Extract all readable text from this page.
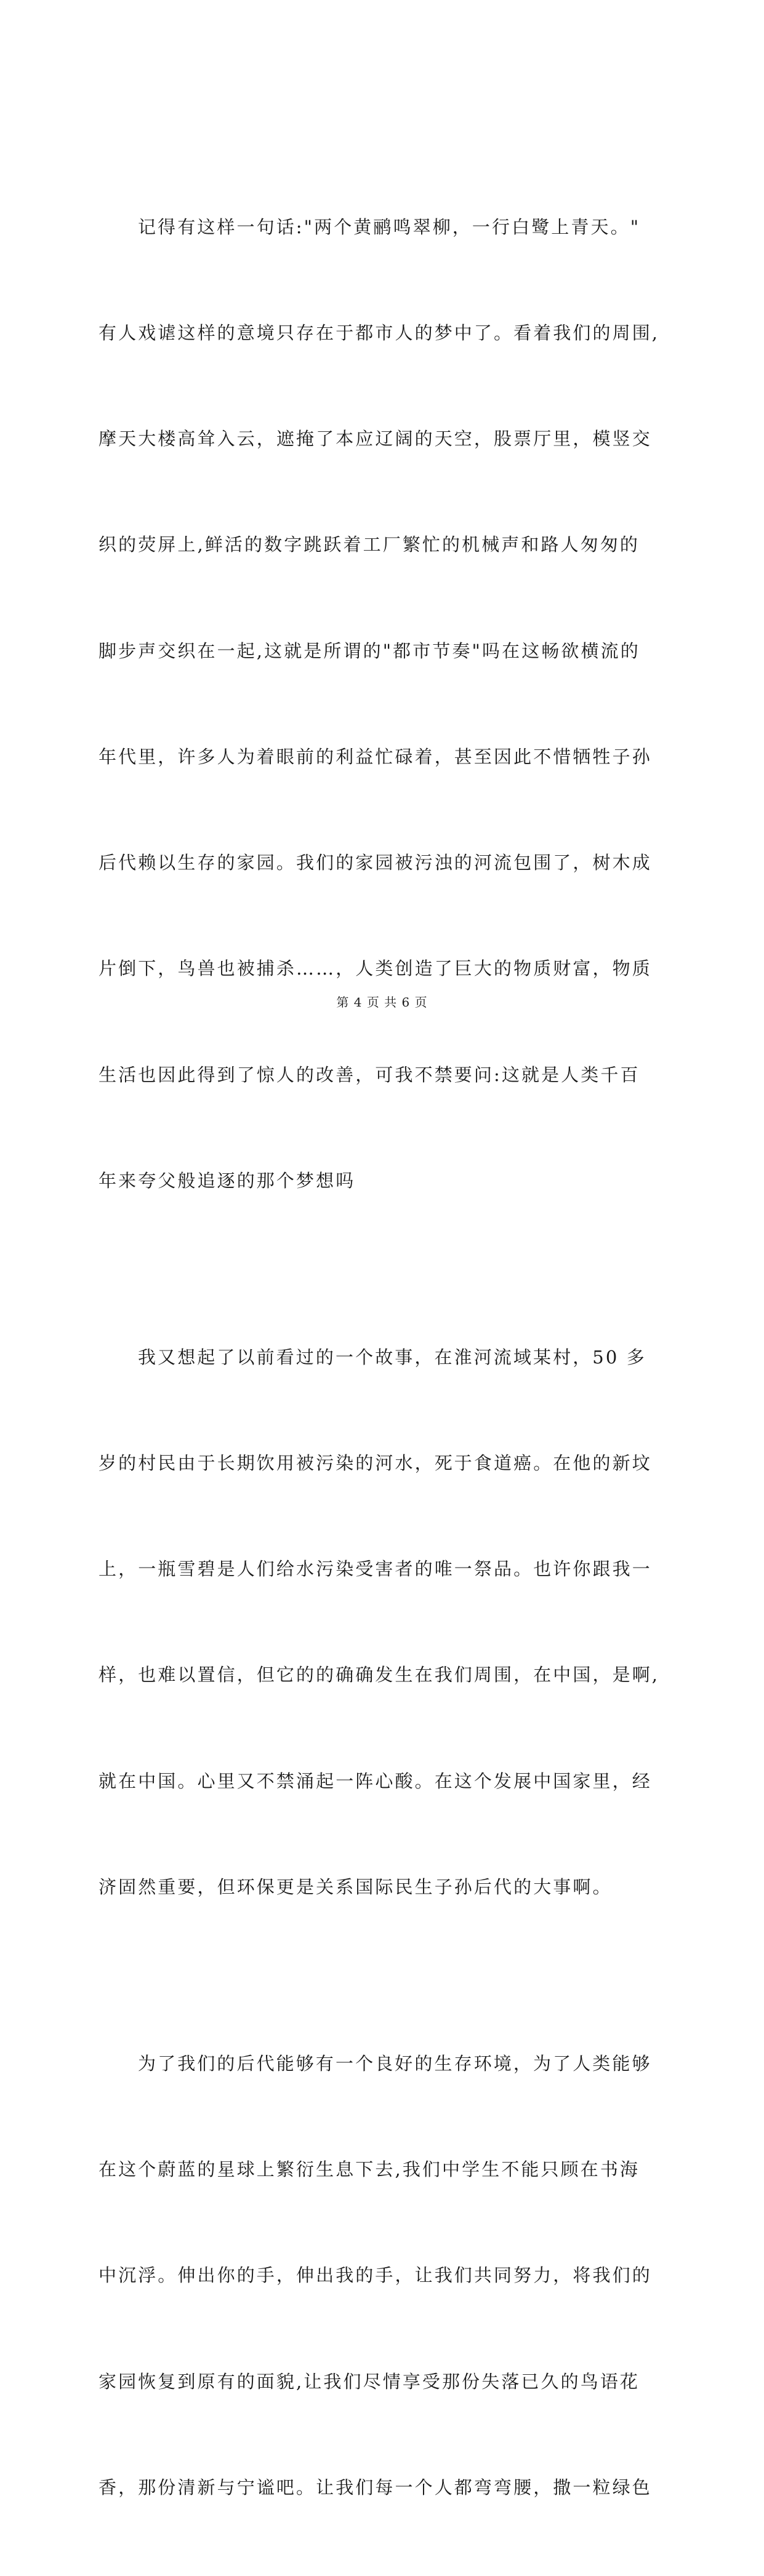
记得有这样一句话:"两个黄鹂鸣翠柳，一行白鹭上青天。"

有人戏谑这样的意境只存在于都市人的梦中了。看着我们的周围,

摩天大楼高耸入云，遮掩了本应辽阔的天空，股票厅里，模竖交

织的荧屏上,鲜活的数字跳跃着工厂繁忙的机械声和路人匆匆的

脚步声交织在一起,这就是所谓的"都市节奏"吗在这畅欲横流的

年代里，许多人为着眼前的利益忙碌着，甚至因此不惜牺牲子孙

后代赖以生存的家园。我们的家园被污浊的河流包围了，树木成

片倒下，鸟兽也被捕杀……，人类创造了巨大的物质财富，物质

生活也因此得到了惊人的改善，可我不禁要问:这就是人类千百

年来夸父般追逐的那个梦想吗

我又想起了以前看过的一个故事，在淮河流域某村，50 多

岁的村民由于长期饮用被污染的河水，死于食道癌。在他的新坟

上，一瓶雪碧是人们给水污染受害者的唯一祭品。也许你跟我一

样，也难以置信，但它的的确确发生在我们周围，在中国，是啊,

就在中国。心里又不禁涌起一阵心酸。在这个发展中国家里，经

济固然重要，但环保更是关系国际民生子孙后代的大事啊。

为了我们的后代能够有一个良好的生存环境，为了人类能够

在这个蔚蓝的星球上繁衍生息下去,我们中学生不能只顾在书海

中沉浮。伸出你的手，伸出我的手，让我们共同努力，将我们的

家园恢复到原有的面貌,让我们尽情享受那份失落已久的鸟语花

香，那份清新与宁谧吧。让我们每一个人都弯弯腰，撒一粒绿色

第 4 页 共 6 页
